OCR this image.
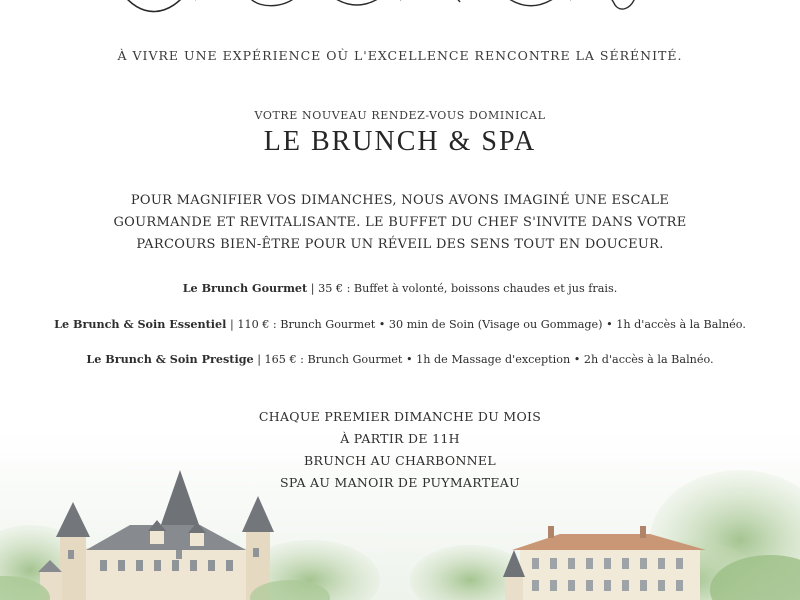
À VIVRE UNE EXPÉRIENCE OÙ L'EXCELLENCE RENCONTRE LA SÉRÉNITÉ.
VOTRE NOUVEAU RENDEZ-VOUS DOMINICAL
LE BRUNCH & SPA
POUR MAGNIFIER VOS DIMANCHES, NOUS AVONS IMAGINÉ UNE ESCALE
GOURMANDE ET REVITALISANTE. LE BUFFET DU CHEF S'INVITE DANS VOTRE
PARCOURS BIEN-ÊTRE POUR UN RÉVEIL DES SENS TOUT EN DOUCEUR.
Le Brunch Gourmet | 35 € : Buffet à volonté, boissons chaudes et jus frais.
Le Brunch & Soin Essentiel | 110 € : Brunch Gourmet • 30 min de Soin (Visage ou Gommage) • 1h d'accès à la Balnéo.
Le Brunch & Soin Prestige | 165 € : Brunch Gourmet • 1h de Massage d'exception • 2h d'accès à la Balnéo.
CHAQUE PREMIER DIMANCHE DU MOIS
À PARTIR DE 11H
BRUNCH AU CHARBONNEL
SPA AU MANOIR DE PUYMARTEAU
